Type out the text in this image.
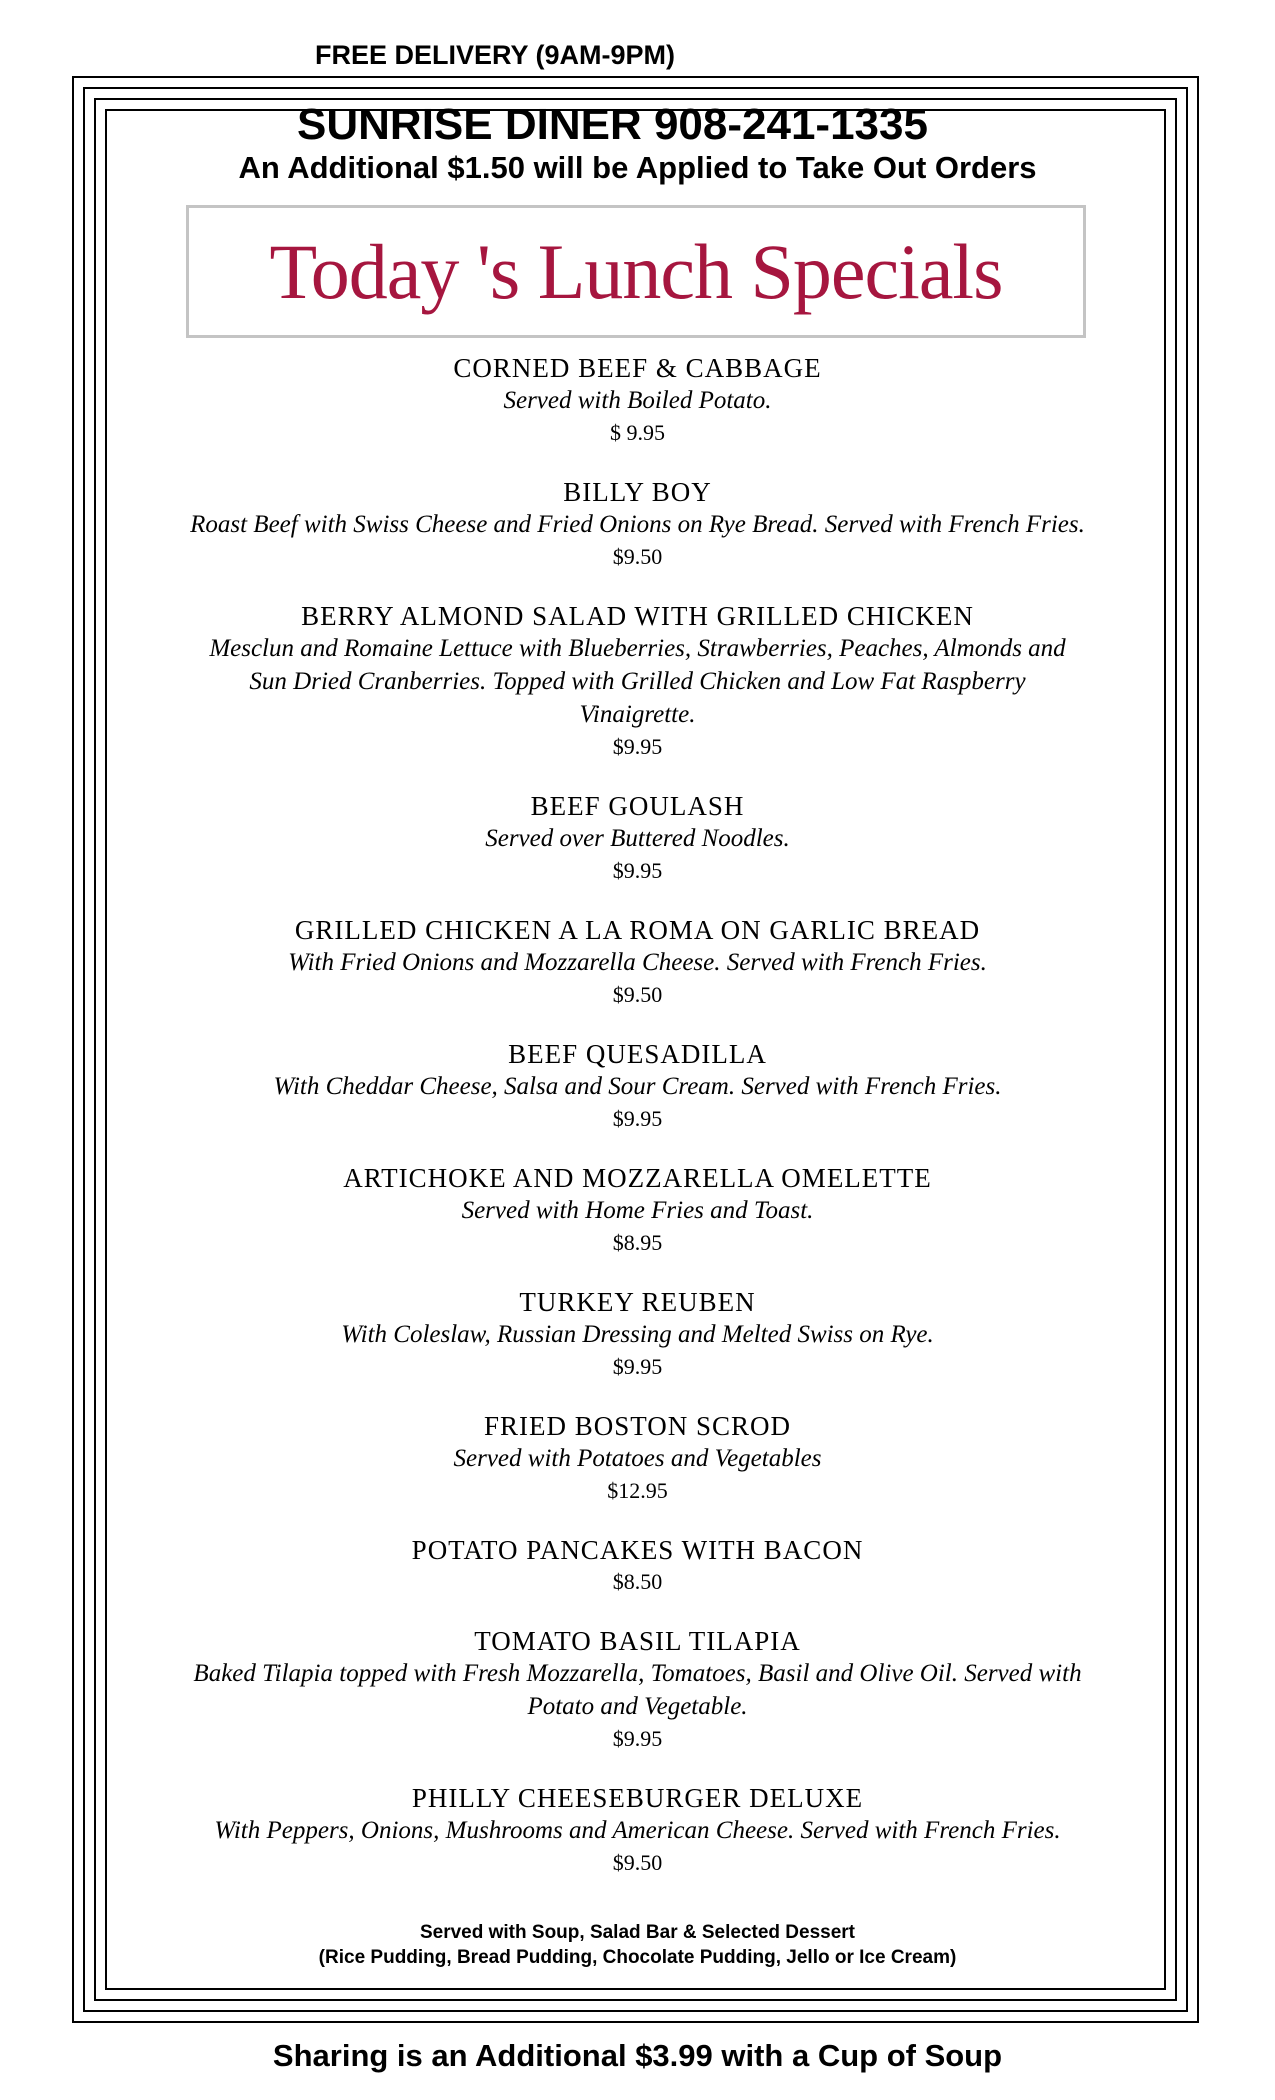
FREE DELIVERY (9AM-9PM)
SUNRISE DINER 908-241-1335
An Additional $1.50 will be Applied to Take Out Orders
Today 's Lunch Specials
CORNED BEEF & CABBAGE
Served with Boiled Potato.
$ 9.95
BILLY BOY
Roast Beef with Swiss Cheese and Fried Onions on Rye Bread. Served with French Fries.
$9.50
BERRY ALMOND SALAD WITH GRILLED CHICKEN
Mesclun and Romaine Lettuce with Blueberries, Strawberries, Peaches, Almonds and Sun Dried Cranberries. Topped with Grilled Chicken and Low Fat Raspberry Vinaigrette.
$9.95
BEEF GOULASH
Served over Buttered Noodles.
$9.95
GRILLED CHICKEN A LA ROMA ON GARLIC BREAD
With Fried Onions and Mozzarella Cheese. Served with French Fries.
$9.50
BEEF QUESADILLA
With Cheddar Cheese, Salsa and Sour Cream. Served with French Fries.
$9.95
ARTICHOKE AND MOZZARELLA OMELETTE
Served with Home Fries and Toast.
$8.95
TURKEY REUBEN
With Coleslaw, Russian Dressing and Melted Swiss on Rye.
$9.95
FRIED BOSTON SCROD
Served with Potatoes and Vegetables
$12.95
POTATO PANCAKES WITH BACON
$8.50
TOMATO BASIL TILAPIA
Baked Tilapia topped with Fresh Mozzarella, Tomatoes, Basil and Olive Oil. Served with Potato and Vegetable.
$9.95
PHILLY CHEESEBURGER DELUXE
With Peppers, Onions, Mushrooms and American Cheese. Served with French Fries.
$9.50
Served with Soup, Salad Bar & Selected Dessert
(Rice Pudding, Bread Pudding, Chocolate Pudding, Jello or Ice Cream)
Sharing is an Additional $3.99 with a Cup of Soup
